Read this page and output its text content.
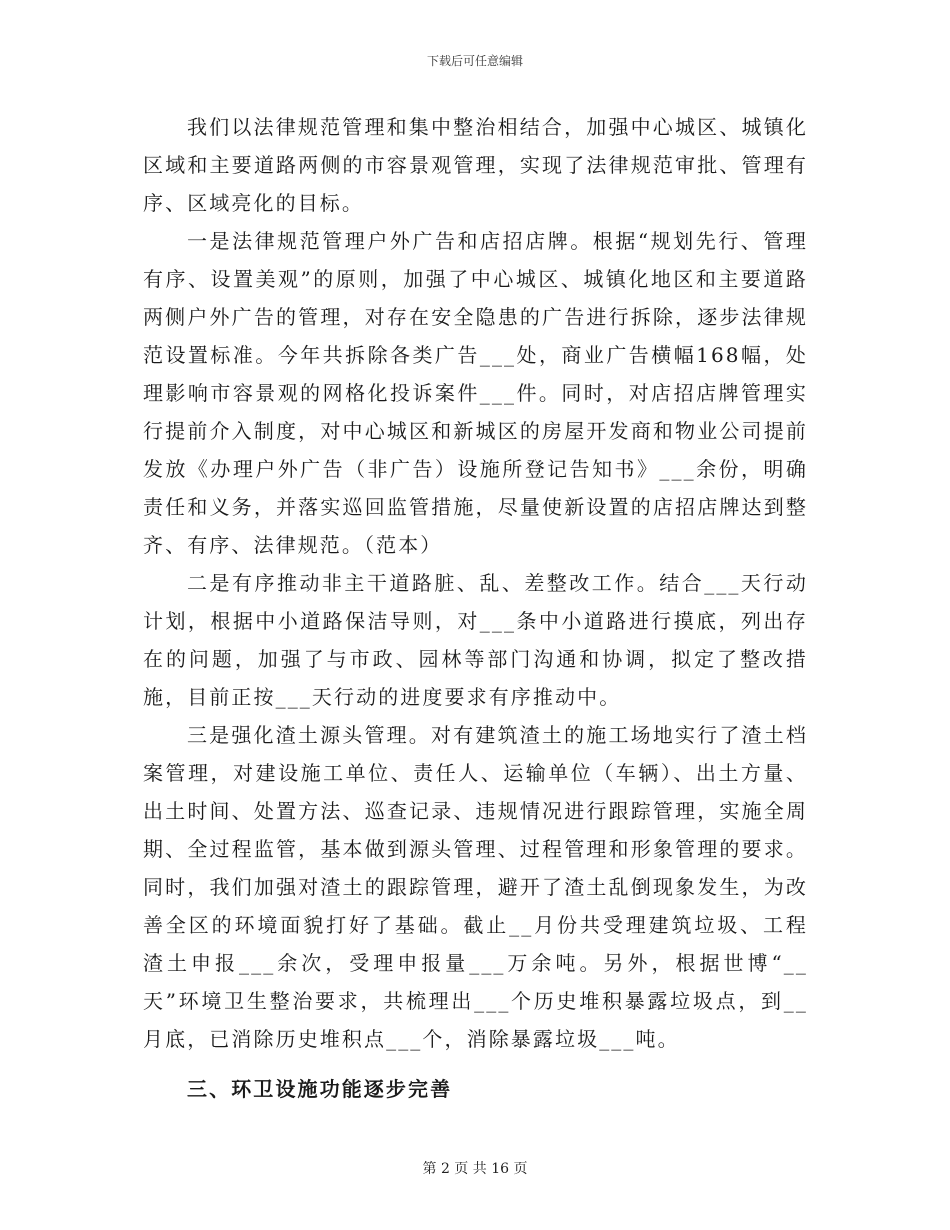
下载后可任意编辑

我们以法律规范管理和集中整治相结合，加强中心城区、城镇化区域和主要道路两侧的市容景观管理，实现了法律规范审批、管理有序、区域亮化的目标。

一是法律规范管理户外广告和店招店牌。根据“规划先行、管理有序、设置美观”的原则，加强了中心城区、城镇化地区和主要道路两侧户外广告的管理，对存在安全隐患的广告进行拆除，逐步法律规范设置标准。今年共拆除各类广告___处，商业广告横幅168幅，处理影响市容景观的网格化投诉案件___件。同时，对店招店牌管理实行提前介入制度，对中心城区和新城区的房屋开发商和物业公司提前发放《办理户外广告（非广告）设施所登记告知书》___余份，明确责任和义务，并落实巡回监管措施，尽量使新设置的店招店牌达到整齐、有序、法律规范。（范本）

二是有序推动非主干道路脏、乱、差整改工作。结合___天行动计划，根据中小道路保洁导则，对___条中小道路进行摸底，列出存在的问题，加强了与市政、园林等部门沟通和协调，拟定了整改措施，目前正按___天行动的进度要求有序推动中。

三是强化渣土源头管理。对有建筑渣土的施工场地实行了渣土档案管理，对建设施工单位、责任人、运输单位（车辆）、出土方量、出土时间、处置方法、巡查记录、违规情况进行跟踪管理，实施全周期、全过程监管，基本做到源头管理、过程管理和形象管理的要求。同时，我们加强对渣土的跟踪管理，避开了渣土乱倒现象发生，为改善全区的环境面貌打好了基础。截止__月份共受理建筑垃圾、工程渣土申报___余次，受理申报量___万余吨。另外，根据世博“__天”环境卫生整治要求，共梳理出___个历史堆积暴露垃圾点，到__月底，已消除历史堆积点___个，消除暴露垃圾___吨。

三、环卫设施功能逐步完善

第 2 页 共 16 页
